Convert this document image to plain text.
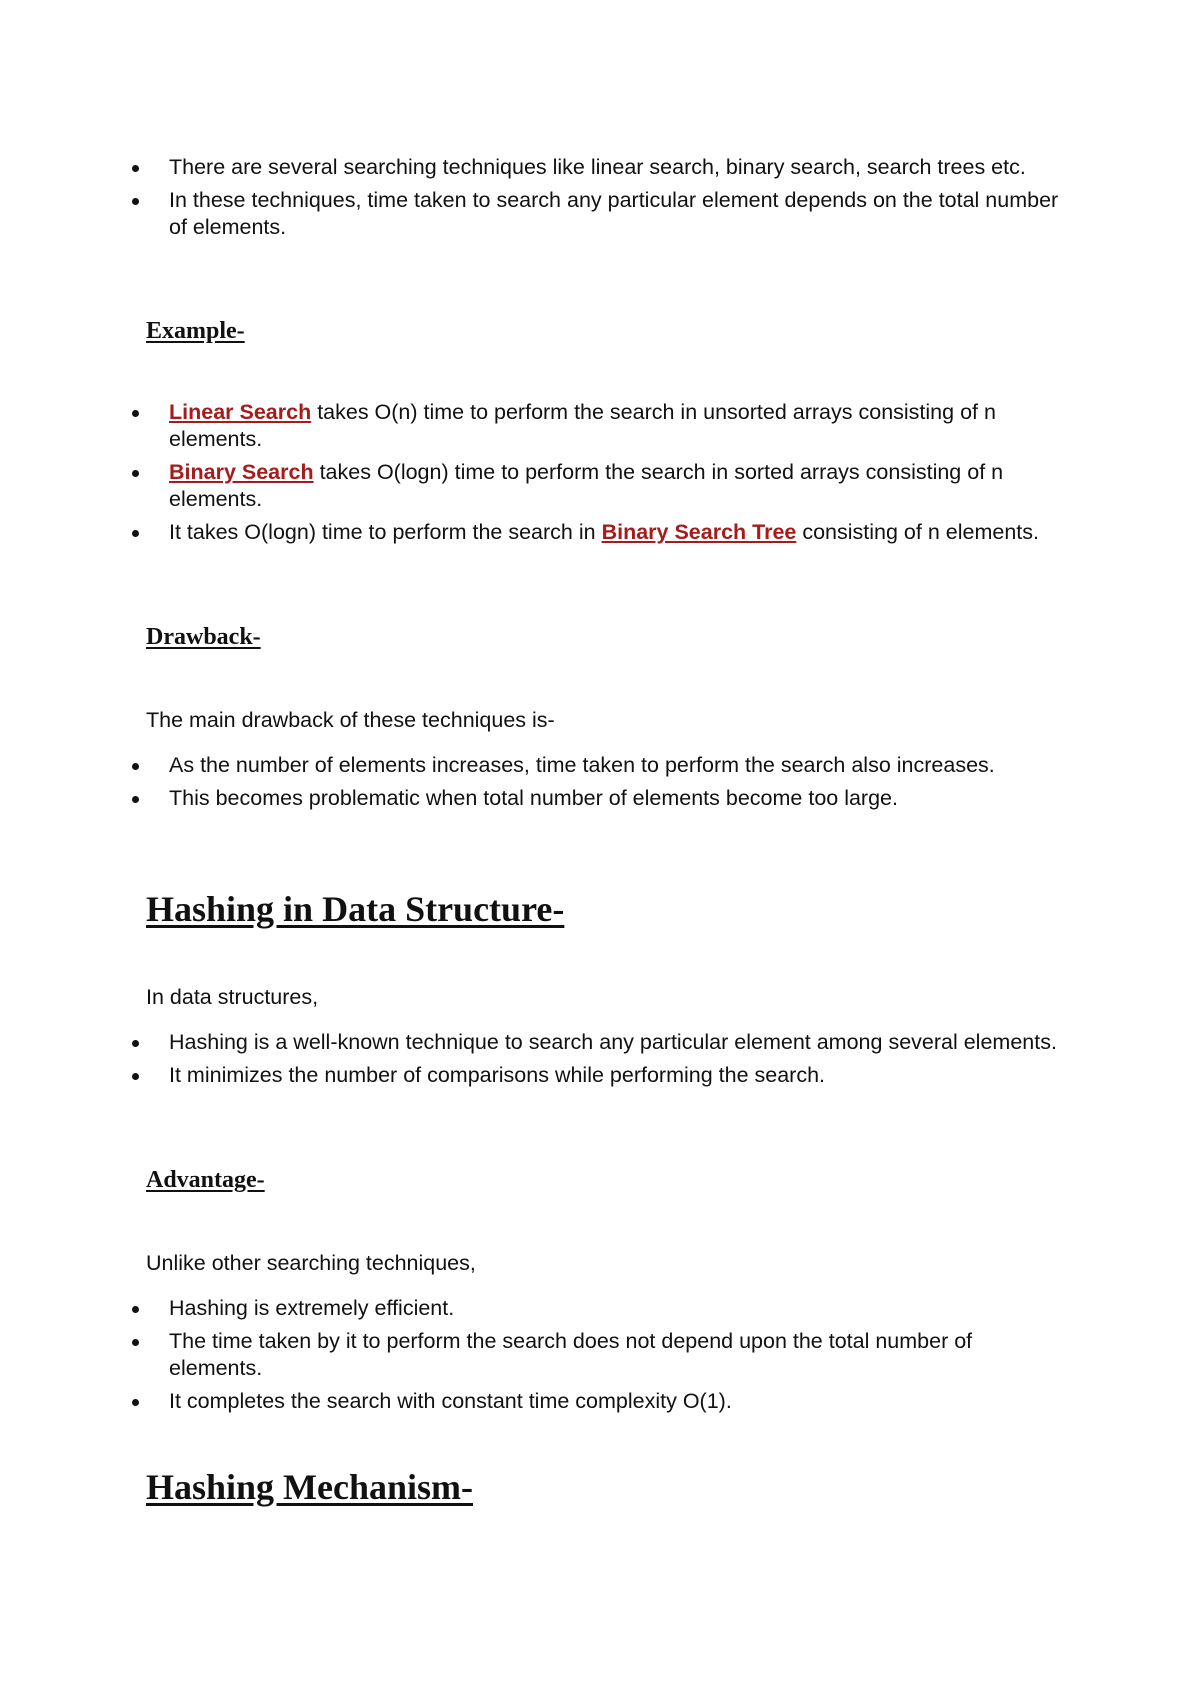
There are several searching techniques like linear search, binary search, search trees etc.
In these techniques, time taken to search any particular element depends on the total number of elements.
Example-
Linear Search takes O(n) time to perform the search in unsorted arrays consisting of n elements.
Binary Search takes O(logn) time to perform the search in sorted arrays consisting of n elements.
It takes O(logn) time to perform the search in Binary Search Tree consisting of n elements.
Drawback-
The main drawback of these techniques is-
As the number of elements increases, time taken to perform the search also increases.
This becomes problematic when total number of elements become too large.
Hashing in Data Structure-
In data structures,
Hashing is a well-known technique to search any particular element among several elements.
It minimizes the number of comparisons while performing the search.
Advantage-
Unlike other searching techniques,
Hashing is extremely efficient.
The time taken by it to perform the search does not depend upon the total number of elements.
It completes the search with constant time complexity O(1).
Hashing Mechanism-
